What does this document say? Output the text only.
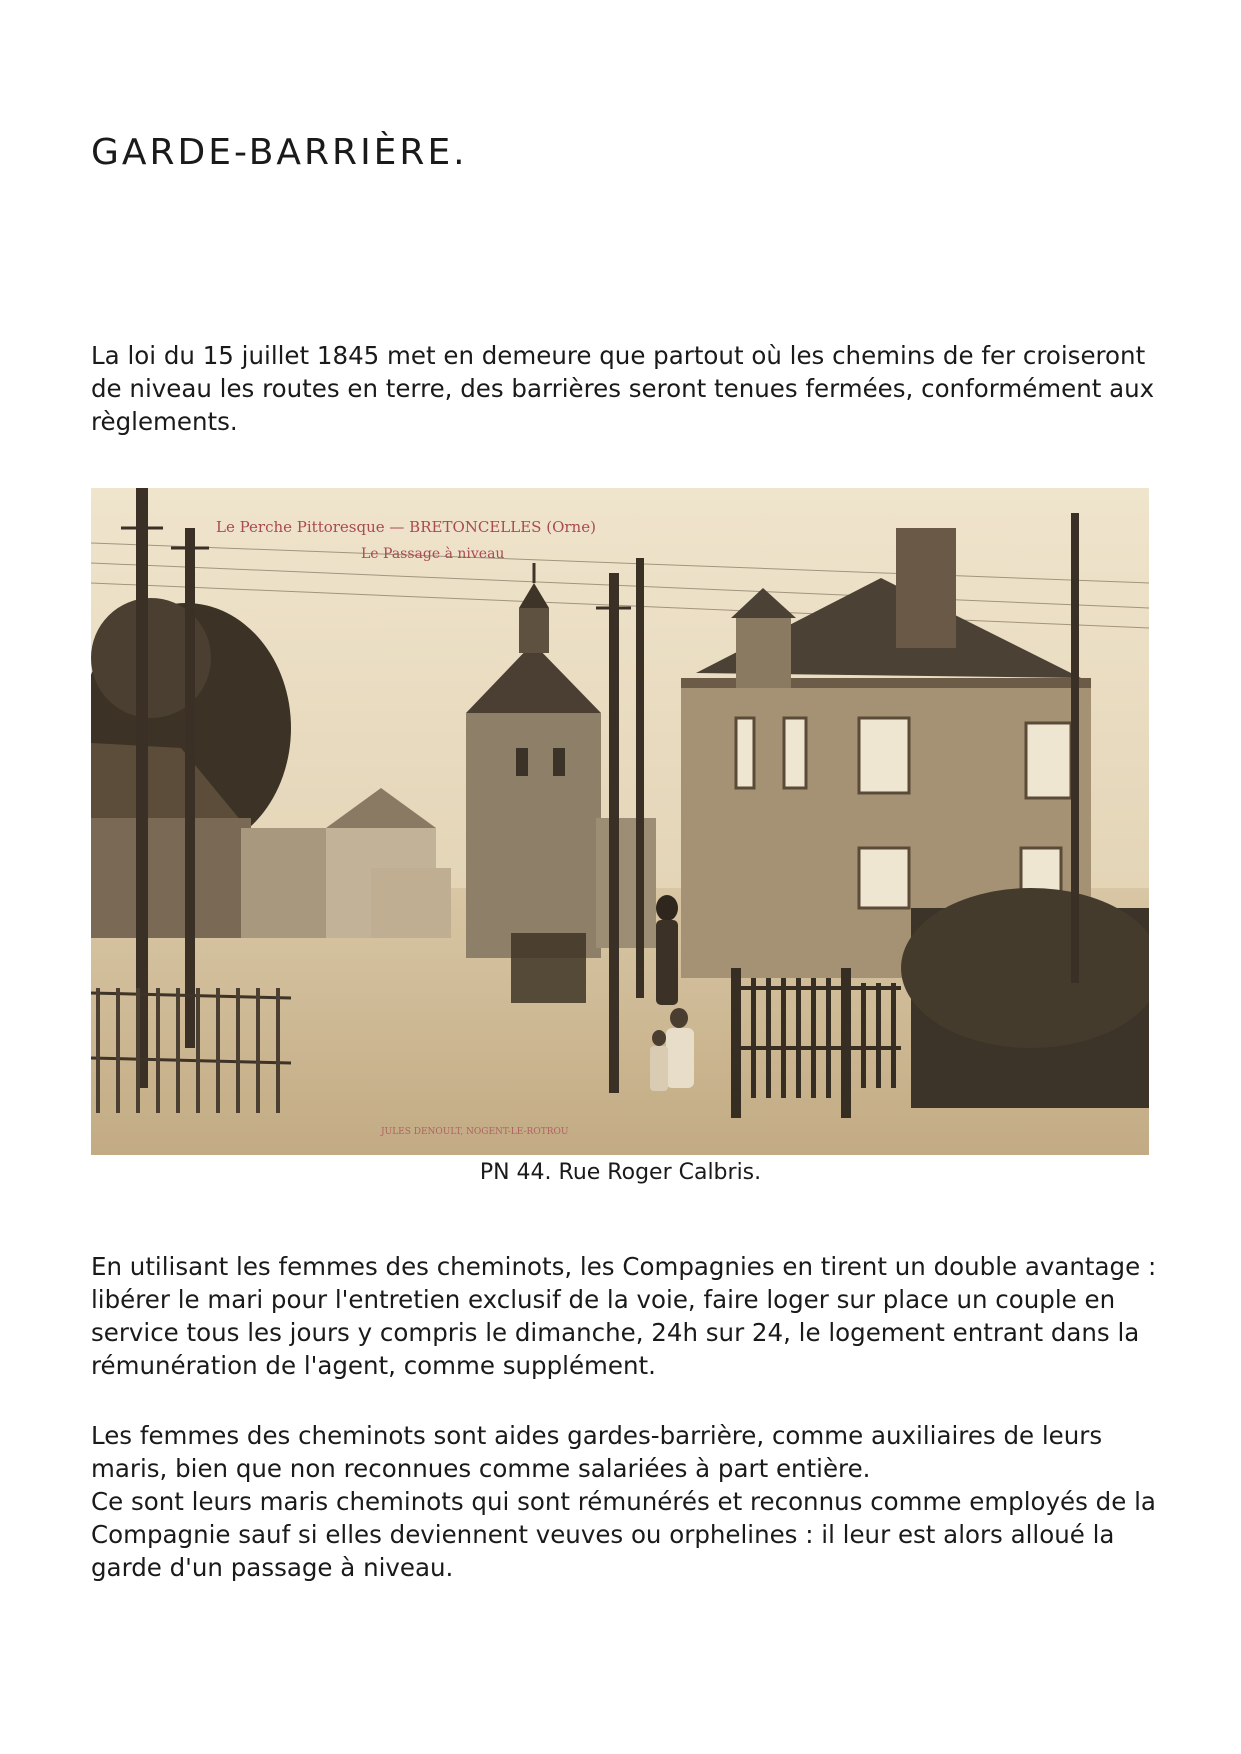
GARDE-BARRIÈRE.

La loi du 15 juillet 1845 met en demeure que partout où les chemins de fer croiseront de niveau les routes en terre, des barrières seront tenues fermées, conformément aux règlements.

Le Perche Pittoresque — BRETONCELLES (Orne)
Le Passage à niveau
JULES DENOULT, NOGENT-LE-ROTROU

PN 44. Rue Roger Calbris.

En utilisant les femmes des cheminots, les Compagnies en tirent un double avantage : libérer le mari pour l'entretien exclusif de la voie, faire loger sur place un couple en service tous les jours y compris le dimanche, 24h sur 24, le logement entrant dans la rémunération de l'agent, comme supplément.

Les femmes des cheminots sont aides gardes-barrière, comme auxiliaires de leurs maris, bien que non reconnues comme salariées à part entière.
Ce sont leurs maris cheminots qui sont rémunérés et reconnus comme employés de la Compagnie sauf si elles deviennent veuves ou orphelines : il leur est alors alloué la garde d'un passage à niveau.
